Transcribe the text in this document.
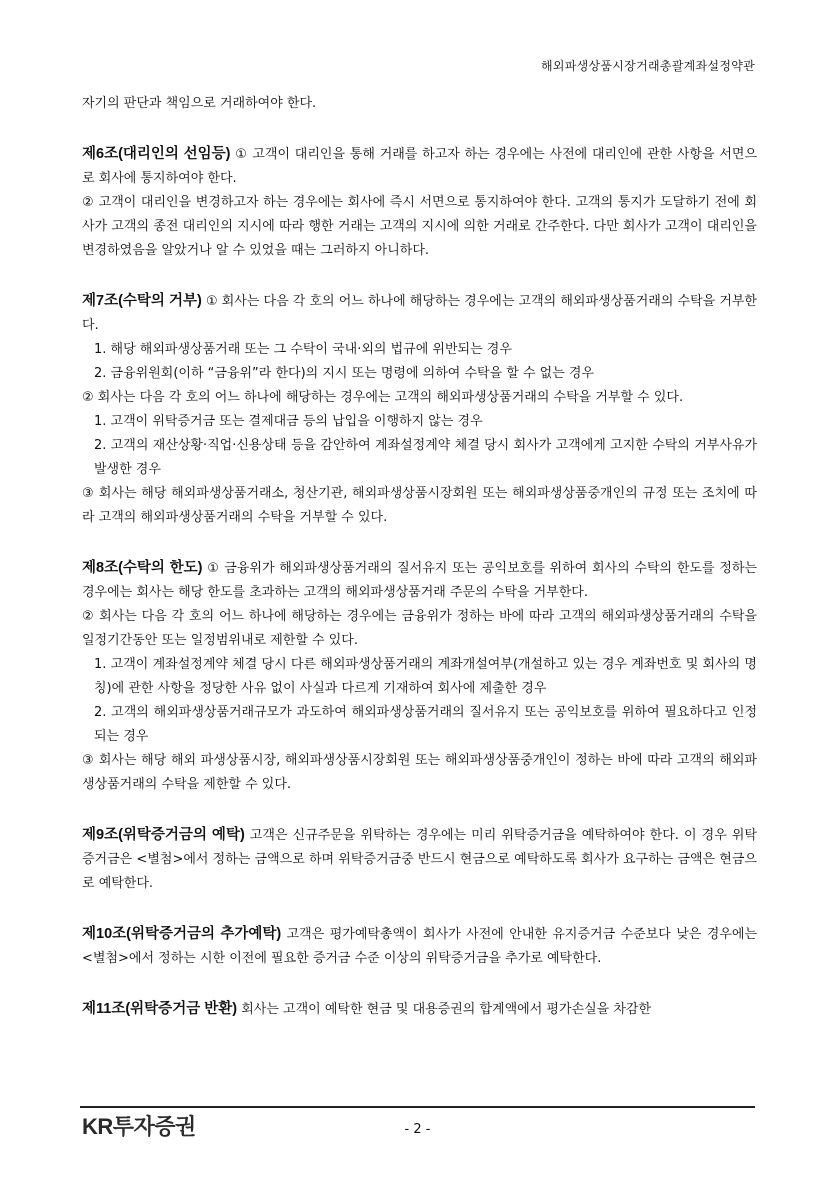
해외파생상품시장거래총괄계좌설정약관

자기의 판단과 책임으로 거래하여야 한다.

제6조(대리인의 선임등) ① 고객이 대리인을 통해 거래를 하고자 하는 경우에는 사전에 대리인에 관한 사항을 서면으로 회사에 통지하여야 한다.

② 고객이 대리인을 변경하고자 하는 경우에는 회사에 즉시 서면으로 통지하여야 한다. 고객의 통지가 도달하기 전에 회사가 고객의 종전 대리인의 지시에 따라 행한 거래는 고객의 지시에 의한 거래로 간주한다. 다만 회사가 고객이 대리인을 변경하였음을 알았거나 알 수 있었을 때는 그러하지 아니하다.

제7조(수탁의 거부) ① 회사는 다음 각 호의 어느 하나에 해당하는 경우에는 고객의 해외파생상품거래의 수탁을 거부한다.

1. 해당 해외파생상품거래 또는 그 수탁이 국내·외의 법규에 위반되는 경우

2. 금융위원회(이하 “금융위”라 한다)의 지시 또는 명령에 의하여 수탁을 할 수 없는 경우

② 회사는 다음 각 호의 어느 하나에 해당하는 경우에는 고객의 해외파생상품거래의 수탁을 거부할 수 있다.

1. 고객이 위탁증거금 또는 결제대금 등의 납입을 이행하지 않는 경우

2. 고객의 재산상황·직업·신용상태 등을 감안하여 계좌설정계약 체결 당시 회사가 고객에게 고지한 수탁의 거부사유가 발생한 경우

③ 회사는 해당 해외파생상품거래소, 청산기관, 해외파생상품시장회원 또는 해외파생상품중개인의 규정 또는 조치에 따라 고객의 해외파생상품거래의 수탁을 거부할 수 있다.

제8조(수탁의 한도) ① 금융위가 해외파생상품거래의 질서유지 또는 공익보호를 위하여 회사의 수탁의 한도를 정하는 경우에는 회사는 해당 한도를 초과하는 고객의 해외파생상품거래 주문의 수탁을 거부한다.

② 회사는 다음 각 호의 어느 하나에 해당하는 경우에는 금융위가 정하는 바에 따라 고객의 해외파생상품거래의 수탁을 일정기간동안 또는 일정범위내로 제한할 수 있다.

1. 고객이 계좌설정계약 체결 당시 다른 해외파생상품거래의 계좌개설여부(개설하고 있는 경우 계좌번호 및 회사의 명칭)에 관한 사항을 정당한 사유 없이 사실과 다르게 기재하여 회사에 제출한 경우

2. 고객의 해외파생상품거래규모가 과도하여 해외파생상품거래의 질서유지 또는 공익보호를 위하여 필요하다고 인정되는 경우

③ 회사는 해당 해외 파생상품시장, 해외파생상품시장회원 또는 해외파생상품중개인이 정하는 바에 따라 고객의 해외파생상품거래의 수탁을 제한할 수 있다.

제9조(위탁증거금의 예탁) 고객은 신규주문을 위탁하는 경우에는 미리 위탁증거금을 예탁하여야 한다. 이 경우 위탁증거금은 <별첨>에서 정하는 금액으로 하며 위탁증거금중 반드시 현금으로 예탁하도록 회사가 요구하는 금액은 현금으로 예탁한다.

제10조(위탁증거금의 추가예탁) 고객은 평가예탁총액이 회사가 사전에 안내한 유지증거금 수준보다 낮은 경우에는 <별첨>에서 정하는 시한 이전에 필요한 증거금 수준 이상의 위탁증거금을 추가로 예탁한다.

제11조(위탁증거금 반환) 회사는 고객이 예탁한 현금 및 대용증권의 합계액에서 평가손실을 차감한

KR투자증권	- 2 -
